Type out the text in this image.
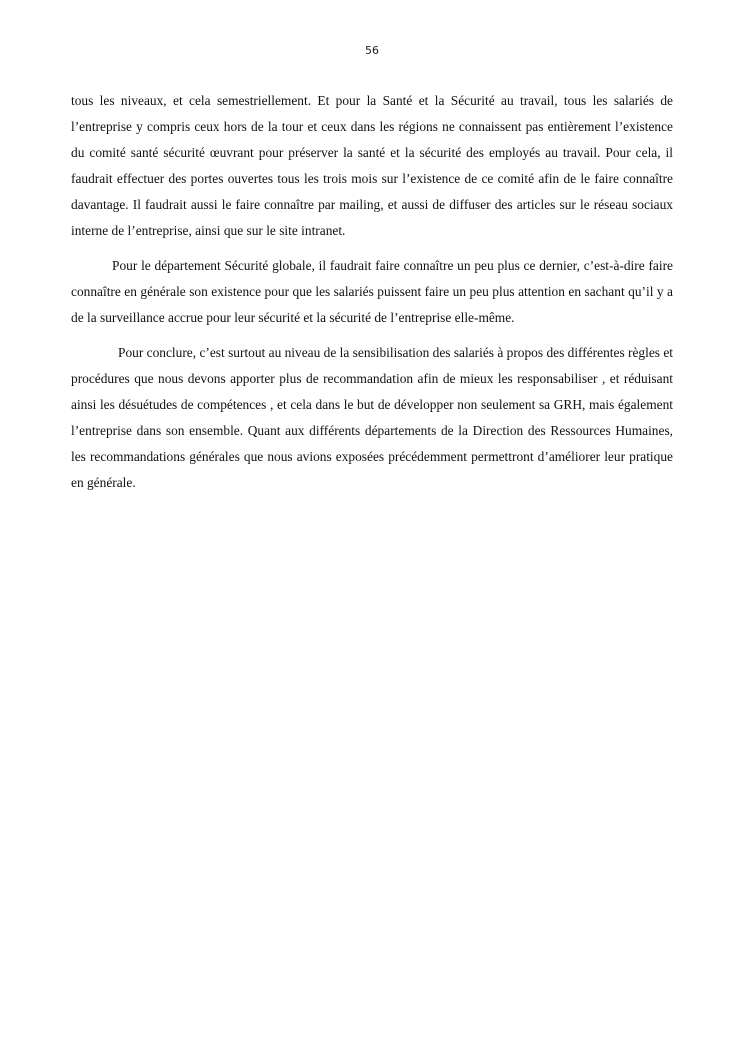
56

tous les niveaux, et cela semestriellement. Et pour la Santé et la Sécurité au travail, tous les salariés de l’entreprise y compris ceux hors de la tour et ceux dans les régions ne connaissent pas entièrement l’existence du comité santé sécurité œuvrant pour préserver la santé et la sécurité des employés au travail. Pour cela, il faudrait effectuer des portes ouvertes tous les trois mois sur l’existence de ce comité afin de le faire connaître davantage. Il faudrait aussi le faire connaître par mailing, et aussi de diffuser des articles sur le réseau sociaux interne de l’entreprise, ainsi que sur le site intranet.

Pour le département Sécurité globale, il faudrait faire connaître un peu plus ce dernier, c’est-à-dire faire connaître en générale son existence pour que les salariés puissent faire un peu plus attention en sachant qu’il y a de la surveillance accrue pour leur sécurité et la sécurité de l’entreprise elle-même.

Pour conclure, c’est surtout au niveau de la sensibilisation des salariés à propos des différentes règles et procédures que nous devons apporter plus de recommandation afin de mieux les responsabiliser , et réduisant ainsi les désuétudes de compétences , et cela dans le but de développer non seulement sa GRH, mais également l’entreprise dans son ensemble. Quant aux différents départements de la Direction des Ressources Humaines, les recommandations générales que nous avions exposées précédemment permettront d’améliorer leur pratique en générale.
